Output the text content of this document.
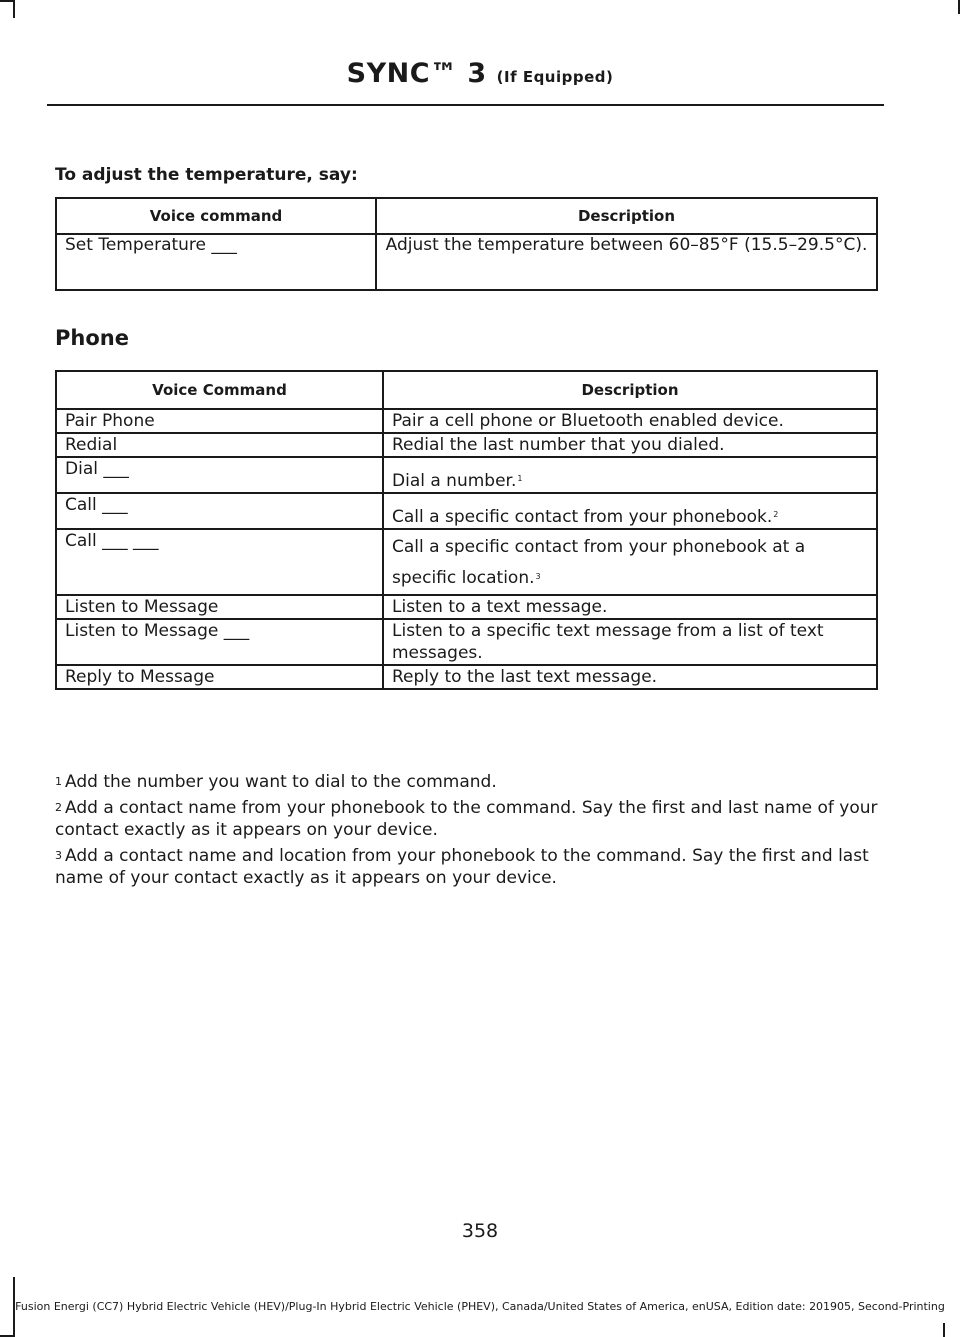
SYNC™ 3 (If Equipped)
To adjust the temperature, say:
Voice command	Description
Set Temperature ___	Adjust the temperature between 60–85°F (15.5–29.5°C).
Phone
Voice Command	Description
Pair Phone	Pair a cell phone or Bluetooth enabled device.
Redial	Redial the last number that you dialed.
Dial ___	Dial a number.$^1$
Call ___	Call a specific contact from your phonebook.$^2$
Call ___ ___	Call a specific contact from your phonebook at a specific location.$^3$
Listen to Message	Listen to a text message.
Listen to Message ___	Listen to a specific text message from a list of text messages.
Reply to Message	Reply to the last text message.

$^1$ Add the number you want to dial to the command.

$^2$ Add a contact name from your phonebook to the command. Say the first and last name of your contact exactly as it appears on your device.

$^3$ Add a contact name and location from your phonebook to the command. Say the first and last name of your contact exactly as it appears on your device.

358
Fusion Energi (CC7) Hybrid Electric Vehicle (HEV)/Plug-In Hybrid Electric Vehicle (PHEV), Canada/United States of America, enUSA, Edition date: 201905, Second-Printing
